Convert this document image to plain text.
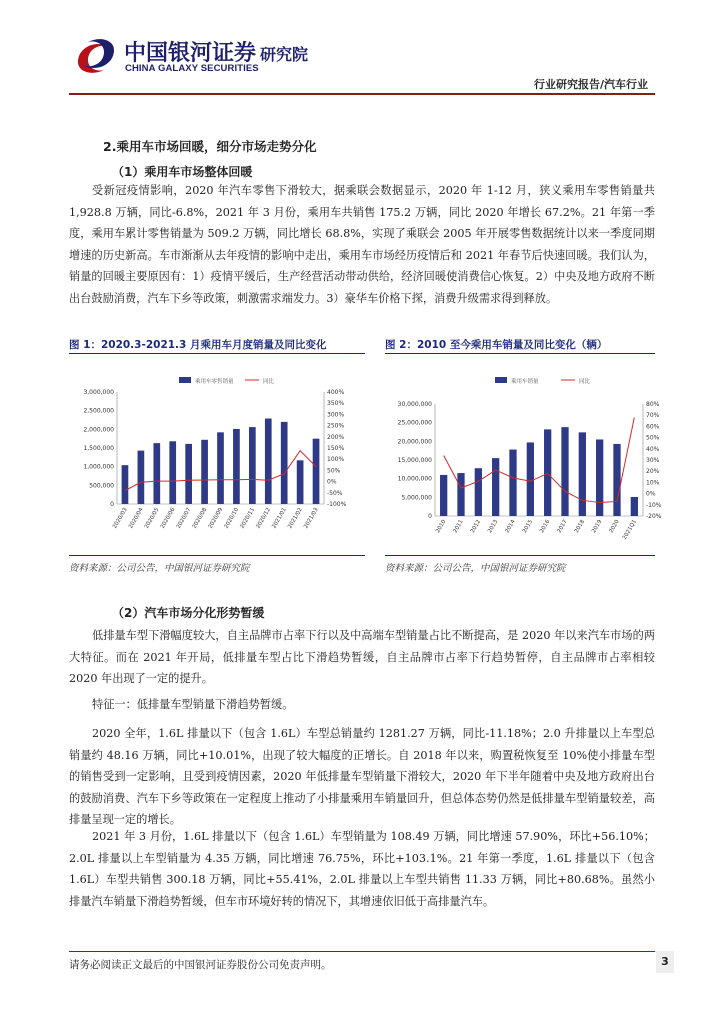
中国银河证券
CHINA GALAXY SECURITIES
研究院
行业研究报告/汽车行业
2.乘用车市场回暖，细分市场走势分化
（1）乘用车市场整体回暖

受新冠疫情影响，2020 年汽车零售下滑较大，据乘联会数据显示，2020 年 1-12 月，狭义乘用车零售销量共 1,928.8 万辆，同比-6.8%，2021 年 3 月份，乘用车共销售 175.2 万辆，同比 2020 年增长 67.2%。21 年第一季度，乘用车累计零售销量为 509.2 万辆，同比增长 68.8%，实现了乘联会 2005 年开展零售数据统计以来一季度同期增速的历史新高。车市渐渐从去年疫情的影响中走出，乘用车市场经历疫情后和 2021 年春节后快速回暖。我们认为，销量的回暖主要原因有：1）疫情平缓后，生产经营活动带动供给，经济回暖使消费信心恢复。2）中央及地方政府不断出台鼓励消费，汽车下乡等政策，刺激需求端发力。3）豪华车价格下探，消费升级需求得到释放。

图 1：2020.3-2021.3 月乘用车月度销量及同比变化	图 2：2010 至今乘用车销量及同比变化（辆）
乘用车零售销量	同比
0
500,000
1,000,000
1,500,000
2,000,000
2,500,000
3,000,000
-100%
-50%
0%
50%
100%
150%
200%
250%
300%
350%
400%
2020/03 2020/04 2020/05 2020/06 2020/07 2020/08 2020/09 2020/10 2020/11 2020/12 2021/01 2021/02 2021/03
乘用车销量	同比
0
5,000,000
10,000,000
15,000,000
20,000,000
25,000,000
30,000,000
-20%
-10%
0%
10%
20%
30%
40%
50%
60%
70%
80%
2010 2011 2012 2013 2014 2015 2016 2017 2018 2019 2020 2021Q1
资料来源：公司公告，中国银河证券研究院	资料来源：公司公告，中国银河证券研究院
（2）汽车市场分化形势暂缓

低排量车型下滑幅度较大，自主品牌市占率下行以及中高端车型销量占比不断提高，是 2020 年以来汽车市场的两大特征。而在 2021 年开局，低排量车型占比下滑趋势暂缓，自主品牌市占率下行趋势暂停，自主品牌市占率相较 2020 年出现了一定的提升。

特征一：低排量车型销量下滑趋势暂缓。

2020 全年，1.6L 排量以下（包含 1.6L）车型总销量约 1281.27 万辆，同比-11.18%；2.0 升排量以上车型总销量约 48.16 万辆，同比+10.01%，出现了较大幅度的正增长。自 2018 年以来，购置税恢复至 10%使小排量车型的销售受到一定影响，且受到疫情因素，2020 年低排量车型销量下滑较大，2020 年下半年随着中央及地方政府出台的鼓励消费、汽车下乡等政策在一定程度上推动了小排量乘用车销量回升，但总体态势仍然是低排量车型销量较差，高排量呈现一定的增长。

2021 年 3 月份，1.6L 排量以下（包含 1.6L）车型销量为 108.49 万辆，同比增速 57.90%，环比+56.10%；2.0L 排量以上车型销量为 4.35 万辆，同比增速 76.75%，环比+103.1%。21 年第一季度，1.6L 排量以下（包含 1.6L）车型共销售 300.18 万辆，同比+55.41%，2.0L 排量以上车型共销售 11.33 万辆，同比+80.68%。虽然小排量汽车销量下滑趋势暂缓，但车市环境好转的情况下，其增速依旧低于高排量汽车。

请务必阅读正文最后的中国银河证券股份公司免责声明。	3
